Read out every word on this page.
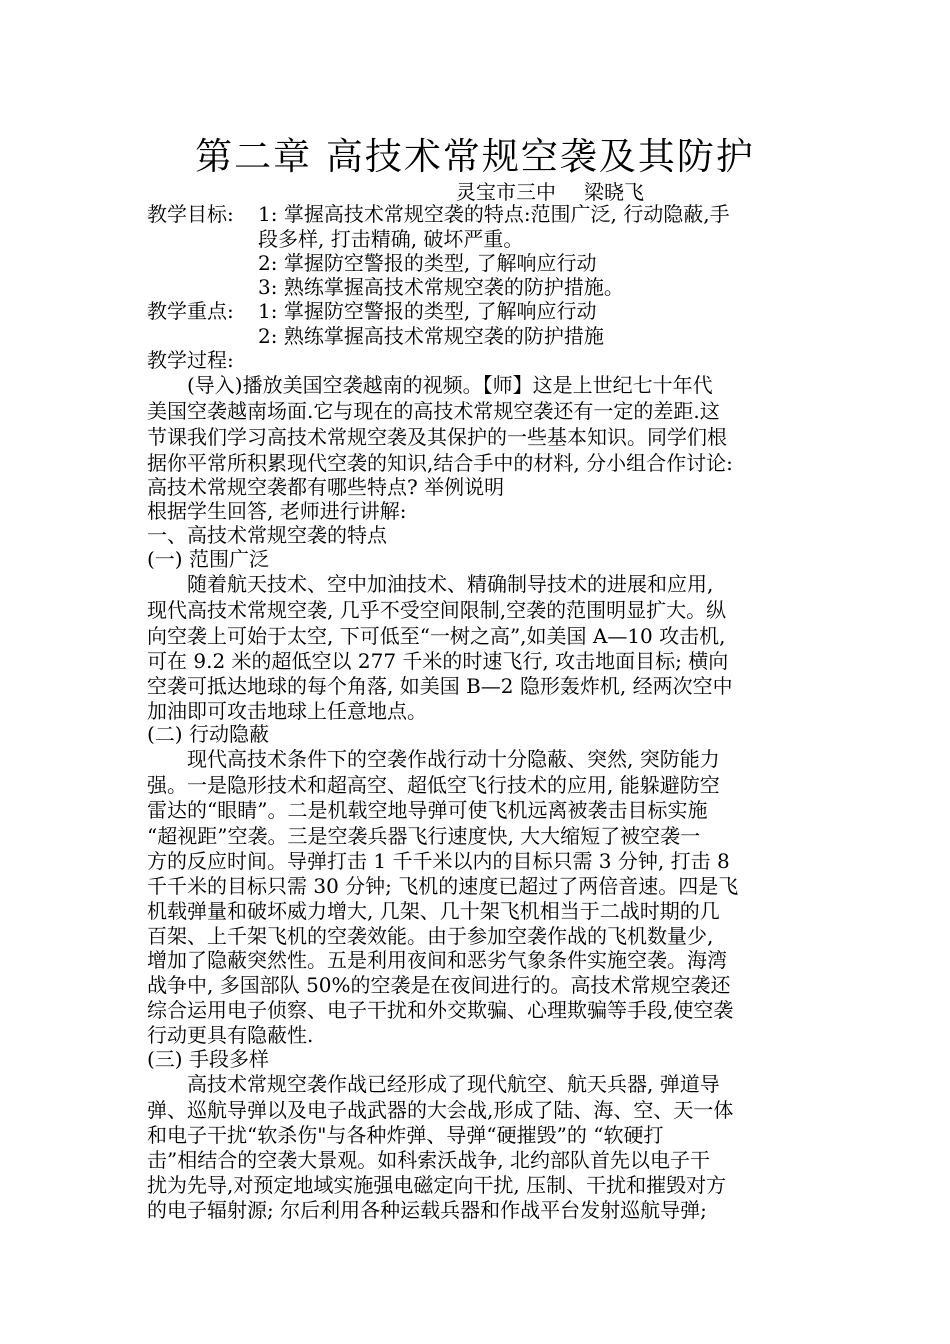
第二章 高技术常规空袭及其防护
灵宝市三中 梁晓飞
教学目标: 1: 掌握高技术常规空袭的特点:范围广泛, 行动隐蔽,手
段多样, 打击精确, 破坏严重。
2: 掌握防空警报的类型, 了解响应行动
3: 熟练掌握高技术常规空袭的防护措施。
教学重点: 1: 掌握防空警报的类型, 了解响应行动
2: 熟练掌握高技术常规空袭的防护措施
教学过程:
(导入)播放美国空袭越南的视频。【师】这是上世纪七十年代
美国空袭越南场面.它与现在的高技术常规空袭还有一定的差距.这
节课我们学习高技术常规空袭及其保护的一些基本知识。同学们根
据你平常所积累现代空袭的知识,结合手中的材料, 分小组合作讨论:
高技术常规空袭都有哪些特点? 举例说明
根据学生回答, 老师进行讲解:
一、高技术常规空袭的特点
(一) 范围广泛
随着航天技术、空中加油技术、精确制导技术的进展和应用,
现代高技术常规空袭, 几乎不受空间限制,空袭的范围明显扩大。纵
向空袭上可始于太空, 下可低至“一树之高”,如美国 A—10 攻击机,
可在 9.2 米的超低空以 277 千米的时速飞行, 攻击地面目标; 横向
空袭可抵达地球的每个角落, 如美国 B—2 隐形轰炸机, 经两次空中
加油即可攻击地球上任意地点。
(二) 行动隐蔽
现代高技术条件下的空袭作战行动十分隐蔽、突然, 突防能力
强。一是隐形技术和超高空、超低空飞行技术的应用, 能躲避防空
雷达的“眼睛”。二是机载空地导弹可使飞机远离被袭击目标实施
“超视距”空袭。三是空袭兵器飞行速度快, 大大缩短了被空袭一
方的反应时间。导弹打击 1 千千米以内的目标只需 3 分钟, 打击 8
千千米的目标只需 30 分钟; 飞机的速度已超过了两倍音速。四是飞
机载弹量和破坏威力增大, 几架、几十架飞机相当于二战时期的几
百架、上千架飞机的空袭效能。由于参加空袭作战的飞机数量少,
增加了隐蔽突然性。五是利用夜间和恶劣气象条件实施空袭。海湾
战争中, 多国部队 50%的空袭是在夜间进行的。高技术常规空袭还
综合运用电子侦察、电子干扰和外交欺骗、心理欺骗等手段,使空袭
行动更具有隐蔽性.
(三) 手段多样
高技术常规空袭作战已经形成了现代航空、航天兵器, 弹道导
弹、巡航导弹以及电子战武器的大会战,形成了陆、海、空、天一体
和电子干扰“软杀伤"与各种炸弹、导弹“硬摧毁”的 “软硬打
击”相结合的空袭大景观。如科索沃战争, 北约部队首先以电子干
扰为先导,对预定地域实施强电磁定向干扰, 压制、干扰和摧毁对方
的电子辐射源; 尔后利用各种运载兵器和作战平台发射巡航导弹;
